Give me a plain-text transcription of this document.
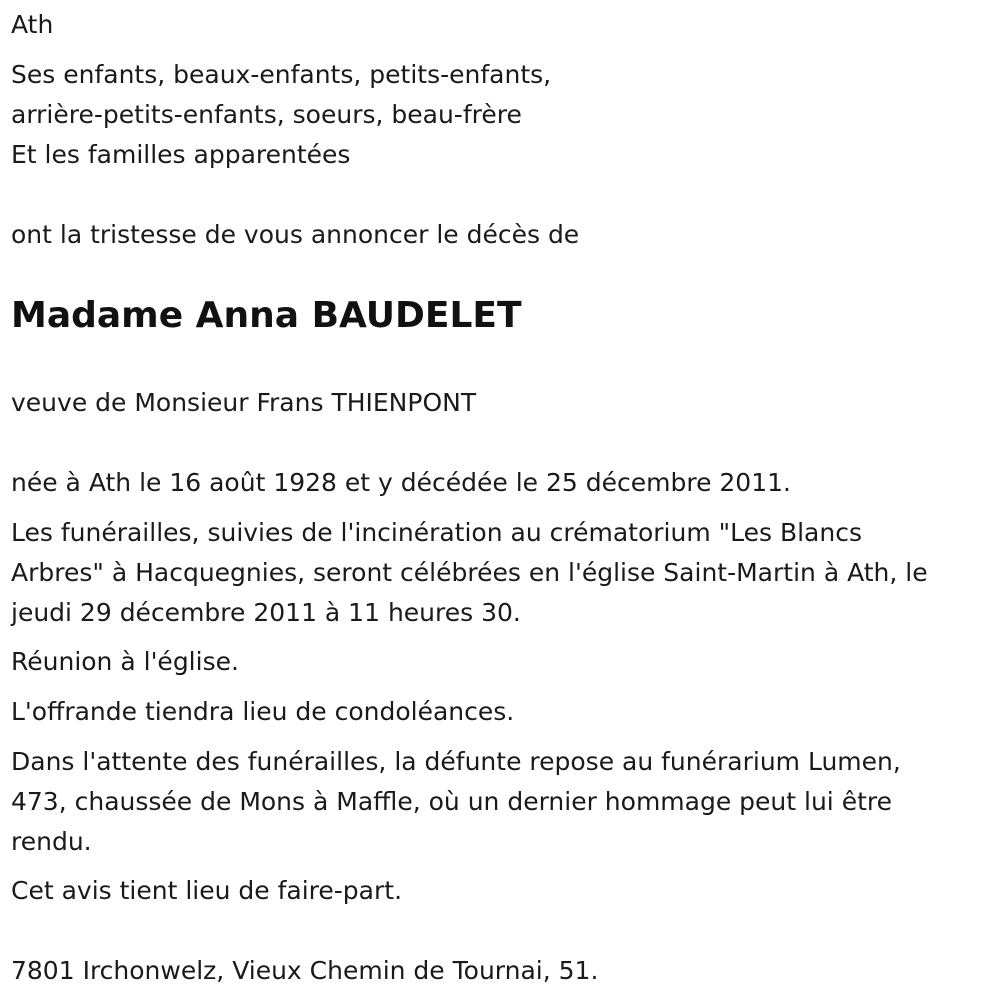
Ath
Ses enfants, beaux-enfants, petits-enfants,
arrière-petits-enfants, soeurs, beau-frère
Et les familles apparentées
ont la tristesse de vous annoncer le décès de
Madame Anna BAUDELET
veuve de Monsieur Frans THIENPONT
née à Ath le 16 août 1928 et y décédée le 25 décembre 2011.
Les funérailles, suivies de l'incinération au crématorium "Les Blancs
Arbres" à Hacquegnies, seront célébrées en l'église Saint-Martin à Ath, le
jeudi 29 décembre 2011 à 11 heures 30.
Réunion à l'église.
L'offrande tiendra lieu de condoléances.
Dans l'attente des funérailles, la défunte repose au funérarium Lumen,
473, chaussée de Mons à Maffle, où un dernier hommage peut lui être
rendu.
Cet avis tient lieu de faire-part.
7801 Irchonwelz, Vieux Chemin de Tournai, 51.
